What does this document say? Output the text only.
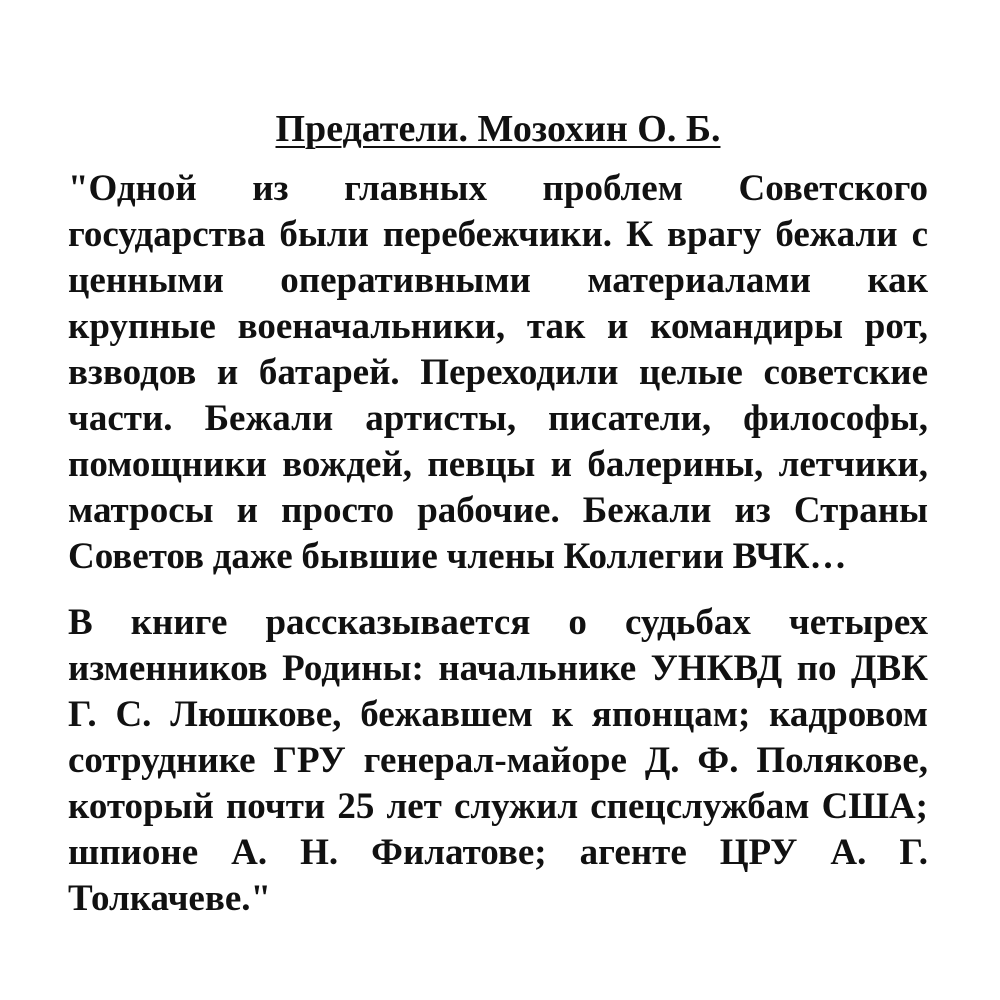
Предатели. Мозохин О. Б.

"Одной из главных проблем Советского государства были перебежчики. К врагу бежали с ценными оперативными материалами как крупные военачальники, так и командиры рот, взводов и батарей. Переходили целые советские части. Бежали артисты, писатели, философы, помощники вождей, певцы и балерины, летчики, матросы и просто рабочие. Бежали из Страны Советов даже бывшие члены Коллегии ВЧК…

В книге рассказывается о судьбах четырех изменников Родины: начальнике УНКВД по ДВК Г. С. Люшкове, бежавшем к японцам; кадровом сотруднике ГРУ генерал-майоре Д. Ф. Полякове, который почти 25 лет служил спецслужбам США; шпионе А. Н. Филатове; агенте ЦРУ А. Г. Толкачеве."
